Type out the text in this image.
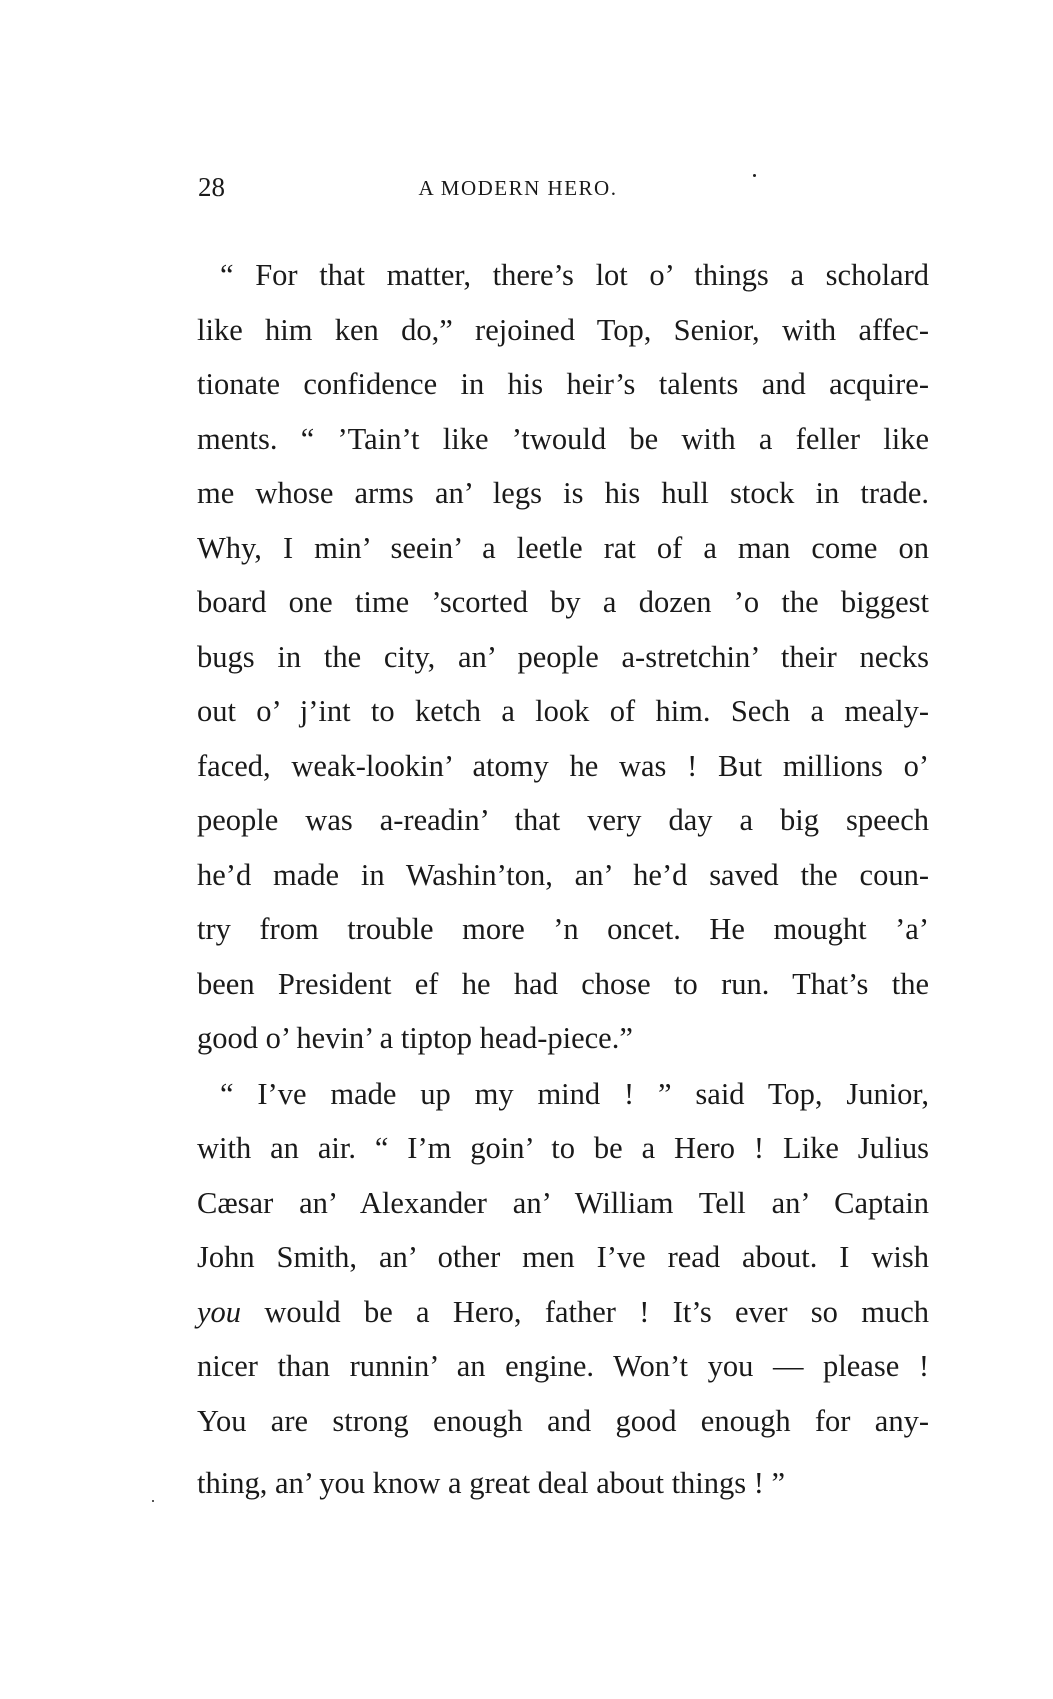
28	A MODERN HERO.
“ For that matter, there’s lot o’ things a scholard
like him ken do,” rejoined Top, Senior, with affec-
tionate confidence in his heir’s talents and acquire-
ments. “ ’Tain’t like ’twould be with a feller like
me whose arms an’ legs is his hull stock in trade.
Why, I min’ seein’ a leetle rat of a man come on
board one time ’scorted by a dozen ’o the biggest
bugs in the city, an’ people a-stretchin’ their necks
out o’ j’int to ketch a look of him. Sech a mealy-
faced, weak-lookin’ atomy he was ! But millions o’
people was a-readin’ that very day a big speech
he’d made in Washin’ton, an’ he’d saved the coun-
try from trouble more ’n oncet. He mought ’a’
been President ef he had chose to run. That’s the
good o’ hevin’ a tiptop head-piece.”
“ I’ve made up my mind ! ” said Top, Junior,
with an air. “ I’m goin’ to be a Hero ! Like Julius
Cæsar an’ Alexander an’ William Tell an’ Captain
John Smith, an’ other men I’ve read about. I wish
you would be a Hero, father ! It’s ever so much
nicer than runnin’ an engine. Won’t you — please !
You are strong enough and good enough for any-
thing, an’ you know a great deal about things ! ”
